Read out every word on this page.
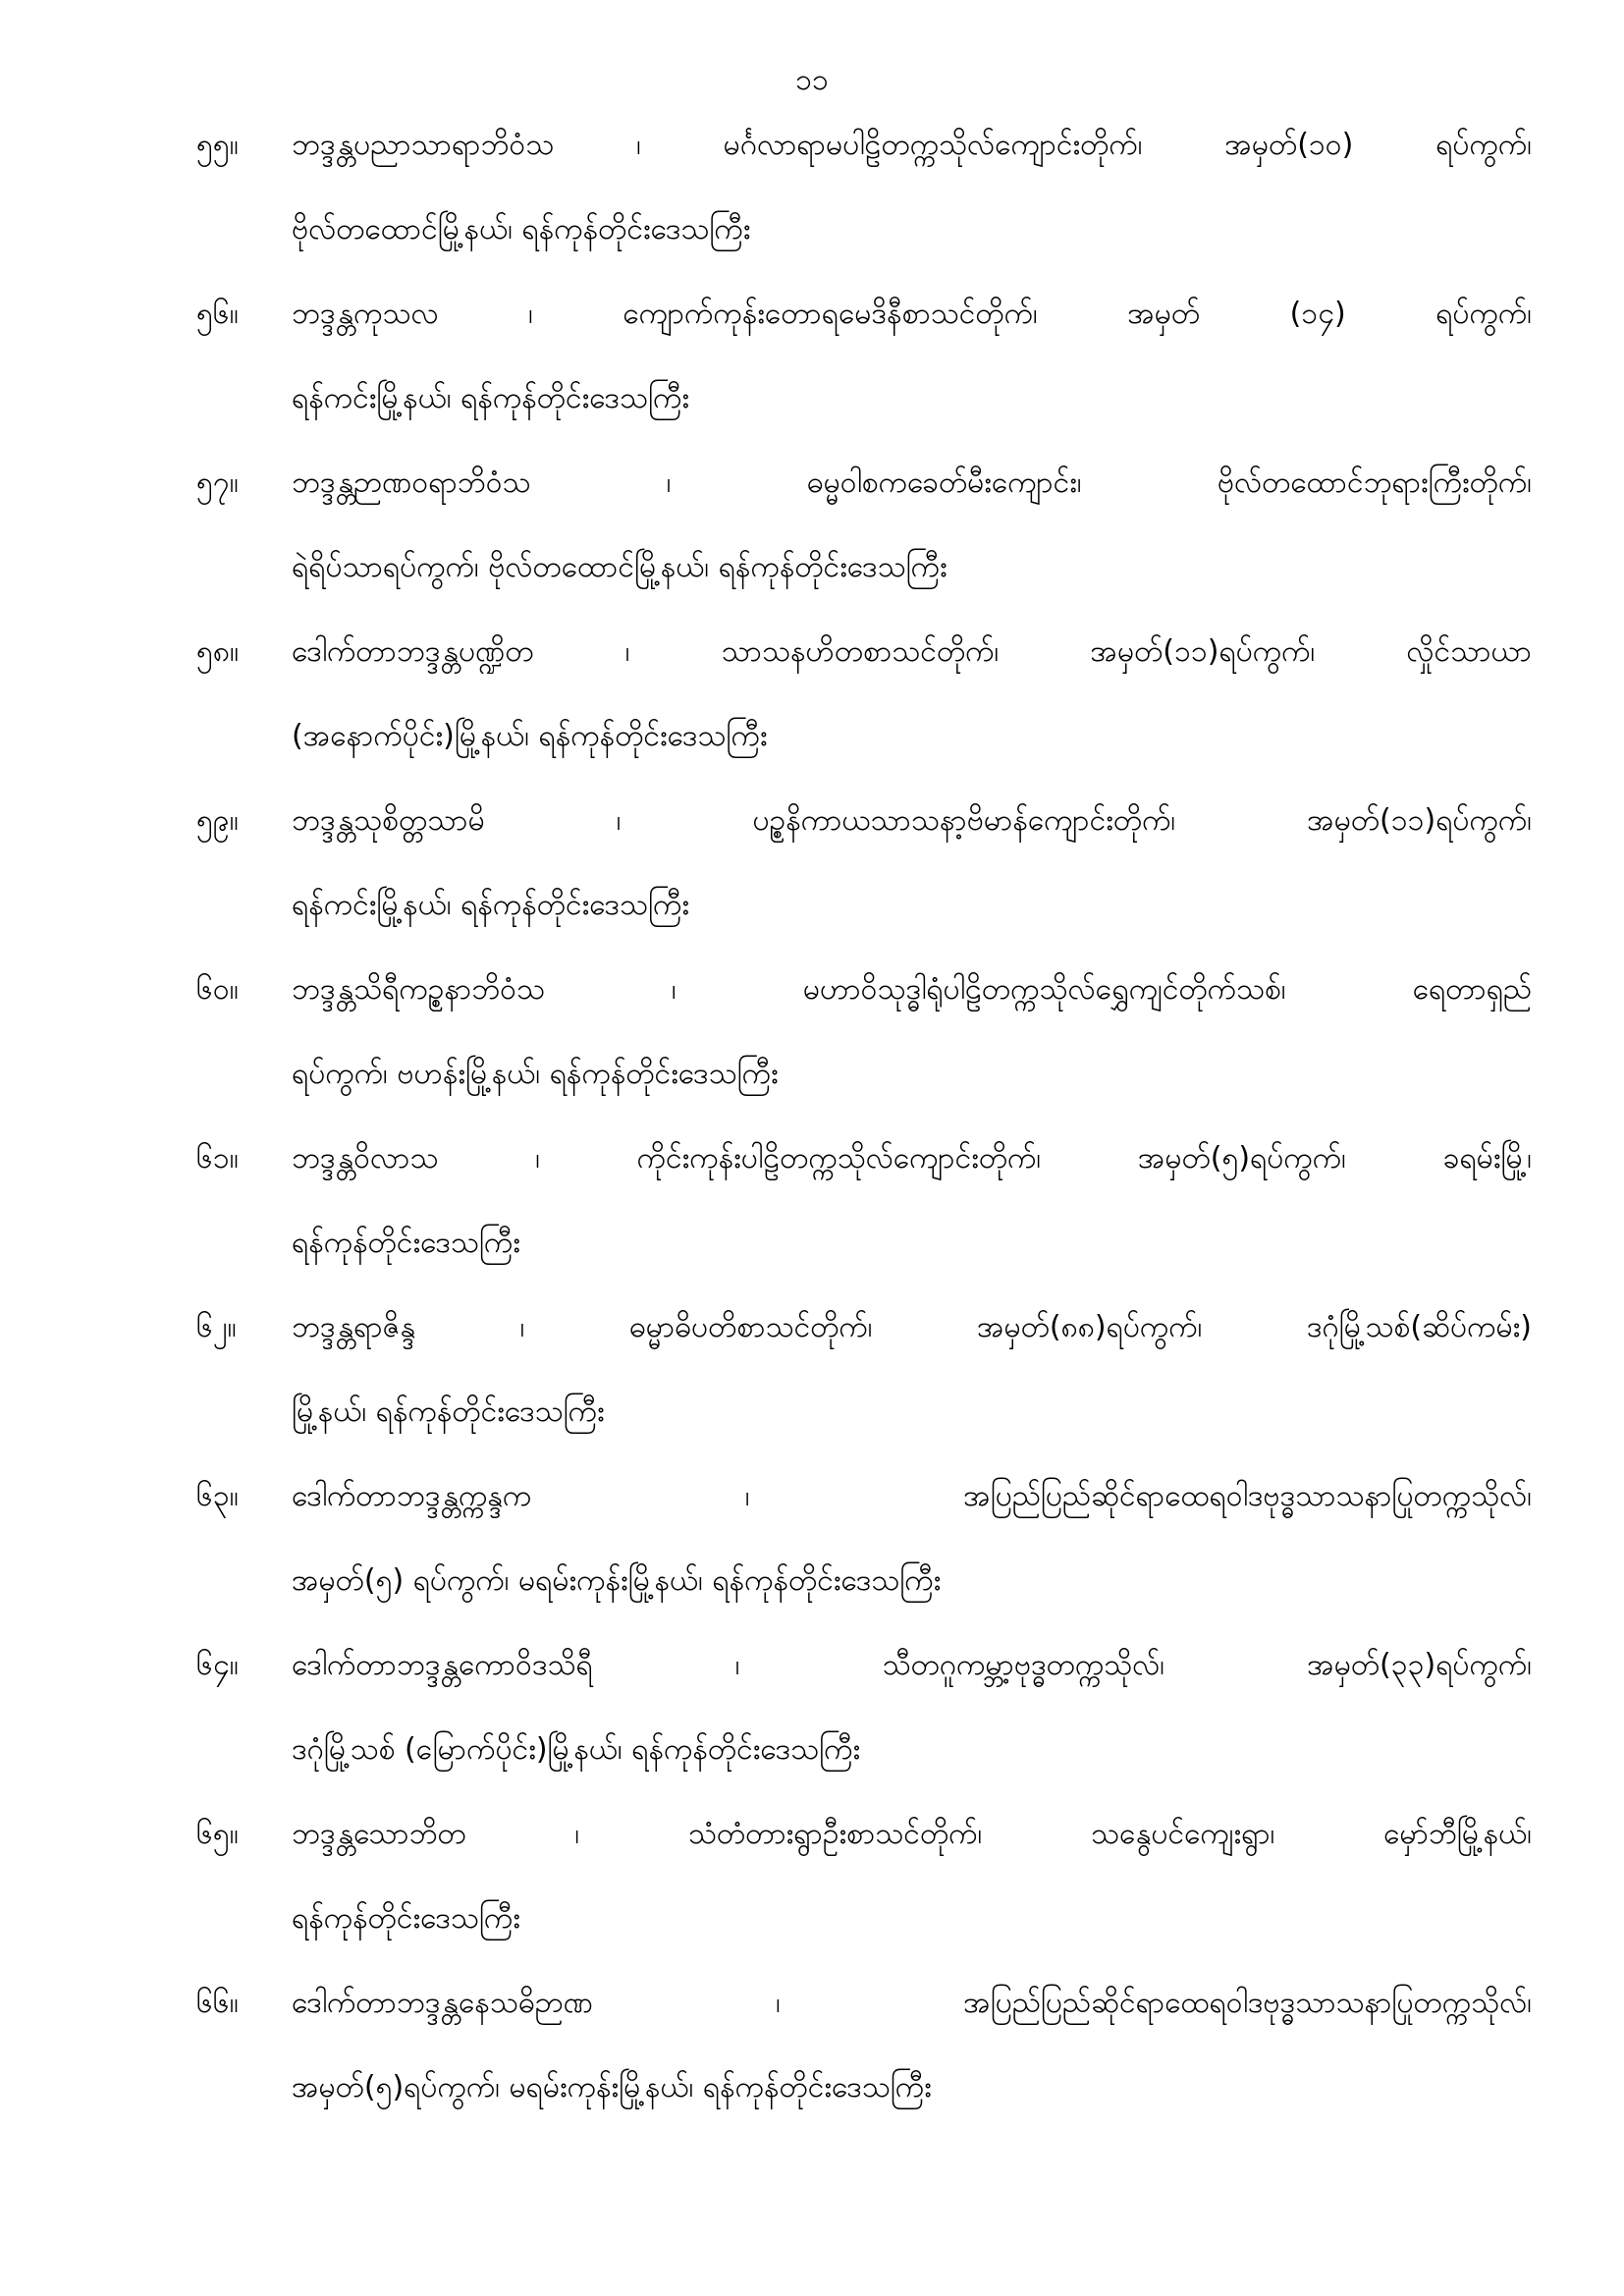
၁၁
၅၅။	ဘဒ္ဒန္တပညာသာရာဘိဝံသ ၊ မင်္ဂလာရာမပါဠိတက္ကသိုလ်ကျောင်းတိုက်၊ အမှတ်(၁၀) ရပ်ကွက်၊
ဗိုလ်တထောင်မြို့နယ်၊ ရန်ကုန်တိုင်းဒေသကြီး
၅၆။	ဘဒ္ဒန္တကုသလ ၊ ကျောက်ကုန်းတောရမေဒိနီစာသင်တိုက်၊ အမှတ် (၁၄) ရပ်ကွက်၊
ရန်ကင်းမြို့နယ်၊ ရန်ကုန်တိုင်းဒေသကြီး
၅၇။	ဘဒ္ဒန္တဉာဏဝရာဘိဝံသ ၊ ဓမ္မဝါစကခေတ်မီးကျောင်း၊ ဗိုလ်တထောင်ဘုရားကြီးတိုက်၊
ရဲရိပ်သာရပ်ကွက်၊ ဗိုလ်တထောင်မြို့နယ်၊ ရန်ကုန်တိုင်းဒေသကြီး
၅၈။	ဒေါက်တာဘဒ္ဒန္တပဏ္ဍိတ ၊ သာသနဟိတစာသင်တိုက်၊ အမှတ်(၁၁)ရပ်ကွက်၊ လှိုင်သာယာ
(အနောက်ပိုင်း)မြို့နယ်၊ ရန်ကုန်တိုင်းဒေသကြီး
၅၉။	ဘဒ္ဒန္တသုစိတ္တသာမိ ၊ ပဥ္စနိကာယသာသနာ့ဗိမာန်ကျောင်းတိုက်၊ အမှတ်(၁၁)ရပ်ကွက်၊
ရန်ကင်းမြို့နယ်၊ ရန်ကုန်တိုင်းဒေသကြီး
၆၀။	ဘဒ္ဒန္တသိရီကဥ္စနာဘိဝံသ ၊ မဟာဝိသုဒ္ဓါရုံပါဠိတက္ကသိုလ်ရွှေကျင်တိုက်သစ်၊ ရေတာရှည်
ရပ်ကွက်၊ ဗဟန်းမြို့နယ်၊ ရန်ကုန်တိုင်းဒေသကြီး
၆၁။	ဘဒ္ဒန္တဝိလာသ ၊ ကိုင်းကုန်းပါဠိတက္ကသိုလ်ကျောင်းတိုက်၊ အမှတ်(၅)ရပ်ကွက်၊ ခရမ်းမြို့၊
ရန်ကုန်တိုင်းဒေသကြီး
၆၂။	ဘဒ္ဒန္တရာဇိန္ဒ ၊ ဓမ္မာဓိပတိစာသင်တိုက်၊ အမှတ်(၈၈)ရပ်ကွက်၊ ဒဂုံမြို့သစ်(ဆိပ်ကမ်း)
မြို့နယ်၊ ရန်ကုန်တိုင်းဒေသကြီး
၆၃။	ဒေါက်တာဘဒ္ဒန္တက္ကန္ဒက ၊ အပြည်ပြည်ဆိုင်ရာထေရဝါဒဗုဒ္ဓသာသနာပြုတက္ကသိုလ်၊
အမှတ်(၅) ရပ်ကွက်၊ မရမ်းကုန်းမြို့နယ်၊ ရန်ကုန်တိုင်းဒေသကြီး
၆၄။	ဒေါက်တာဘဒ္ဒန္တကောဝိဒသိရီ ၊ သီတဂူကမ္ဘာ့ဗုဒ္ဓတက္ကသိုလ်၊ အမှတ်(၃၃)ရပ်ကွက်၊
ဒဂုံမြို့သစ် (မြောက်ပိုင်း)မြို့နယ်၊ ရန်ကုန်တိုင်းဒေသကြီး
၆၅။	ဘဒ္ဒန္တသောဘိတ ၊ သံတံတားရွာဦးစာသင်တိုက်၊ သနွေပင်ကျေးရွာ၊ မှော်ဘီမြို့နယ်၊
ရန်ကုန်တိုင်းဒေသကြီး
၆၆။	ဒေါက်တာဘဒ္ဒန္တနေသဓိဉာဏ ၊ အပြည်ပြည်ဆိုင်ရာထေရဝါဒဗုဒ္ဓသာသနာပြုတက္ကသိုလ်၊
အမှတ်(၅)ရပ်ကွက်၊ မရမ်းကုန်းမြို့နယ်၊ ရန်ကုန်တိုင်းဒေသကြီး
